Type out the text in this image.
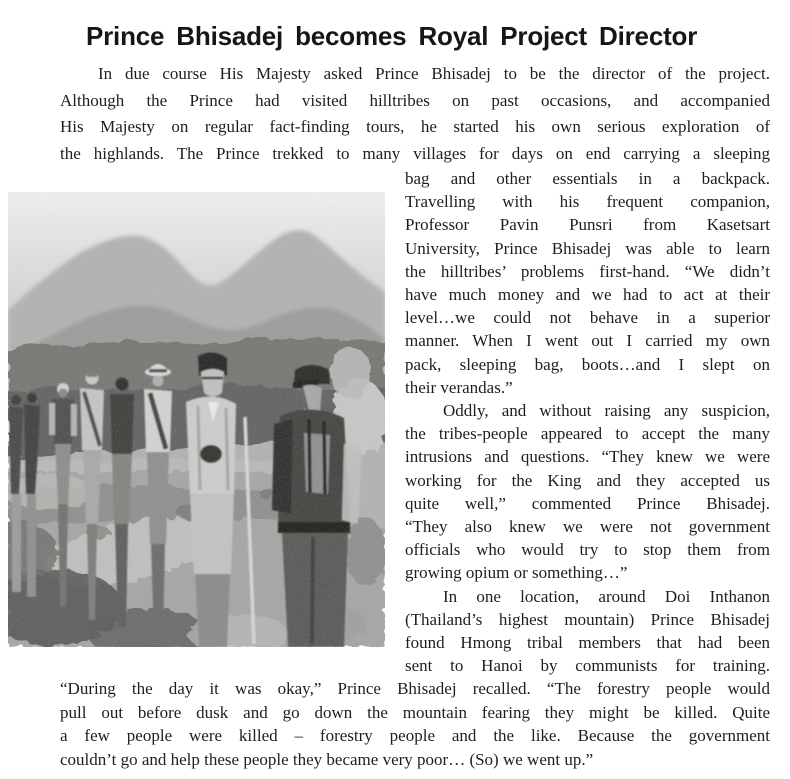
Prince Bhisadej becomes Royal Project Director
In due course His Majesty asked Prince Bhisadej to be the director of the project.
Although the Prince had visited hilltribes on past occasions, and accompanied
His Majesty on regular fact-finding tours, he started his own serious exploration of
the highlands. The Prince trekked to many villages for days on end carrying a sleeping
bag and other essentials in a backpack.
Travelling with his frequent companion,
Professor Pavin Punsri from Kasetsart
University, Prince Bhisadej was able to learn
the hilltribes’ problems first-hand. “We didn’t
have much money and we had to act at their
level…we could not behave in a superior
manner. When I went out I carried my own
pack, sleeping bag, boots…and I slept on
their verandas.”
Oddly, and without raising any suspicion,
the tribes-people appeared to accept the many
intrusions and questions. “They knew we were
working for the King and they accepted us
quite well,” commented Prince Bhisadej.
“They also knew we were not government
officials who would try to stop them from
growing opium or something…”
In one location, around Doi Inthanon
(Thailand’s highest mountain) Prince Bhisadej
found Hmong tribal members that had been
sent to Hanoi by communists for training.
“During the day it was okay,” Prince Bhisadej recalled. “The forestry people would
pull out before dusk and go down the mountain fearing they might be killed. Quite
a few people were killed – forestry people and the like. Because the government
couldn’t go and help these people they became very poor… (So) we went up.”
